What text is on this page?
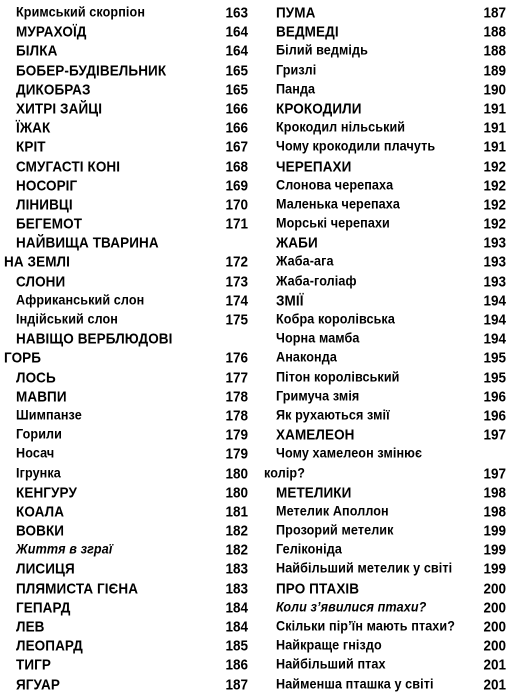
Кримський скорпіон	163
МУРАХОЇД	164
БІЛКА	164
БОБЕР-БУДІВЕЛЬНИК	165
ДИКОБРАЗ	165
ХИТРІ ЗАЙЦІ	166
ЇЖАК	166
КРІТ	167
СМУГАСТІ КОНІ	168
НОСОРІГ	169
ЛІНИВЦІ	170
БЕГЕМОТ	171
НАЙВИЩА ТВАРИНА
НА ЗЕМЛІ	172
СЛОНИ	173
Африканський слон	174
Індійський слон	175
НАВІЩО ВЕРБЛЮДОВІ
ГОРБ	176
ЛОСЬ	177
МАВПИ	178
Шимпанзе	178
Горили	179
Носач	179
Ігрунка	180
КЕНГУРУ	180
КОАЛА	181
ВОВКИ	182
Життя в зграї	182
ЛИСИЦЯ	183
ПЛЯМИСТА ГІЄНА	183
ГЕПАРД	184
ЛЕВ	184
ЛЕОПАРД	185
ТИГР	186
ЯГУАР	187
ПУМА	187
ВЕДМЕДІ	188
Білий ведмідь	188
Гризлі	189
Панда	190
КРОКОДИЛИ	191
Крокодил нільський	191
Чому крокодили плачуть	191
ЧЕРЕПАХИ	192
Слонова черепаха	192
Маленька черепаха	192
Морські черепахи	192
ЖАБИ	193
Жаба-ага	193
Жаба-голіаф	193
ЗМІЇ	194
Кобра королівська	194
Чорна мамба	194
Анаконда	195
Пітон королівський	195
Гримуча змія	196
Як рухаються змії	196
ХАМЕЛЕОН	197
Чому хамелеон змінює
колір?	197
МЕТЕЛИКИ	198
Метелик Аполлон	198
Прозорий метелик	199
Геліконіда	199
Найбільший метелик у світі 199
ПРО ПТАХІВ	200
Коли з’явилися птахи?	200
Скільки пір’їн мають птахи? 200
Найкраще гніздо	200
Найбільший птах	201
Найменша пташка у світі	201
